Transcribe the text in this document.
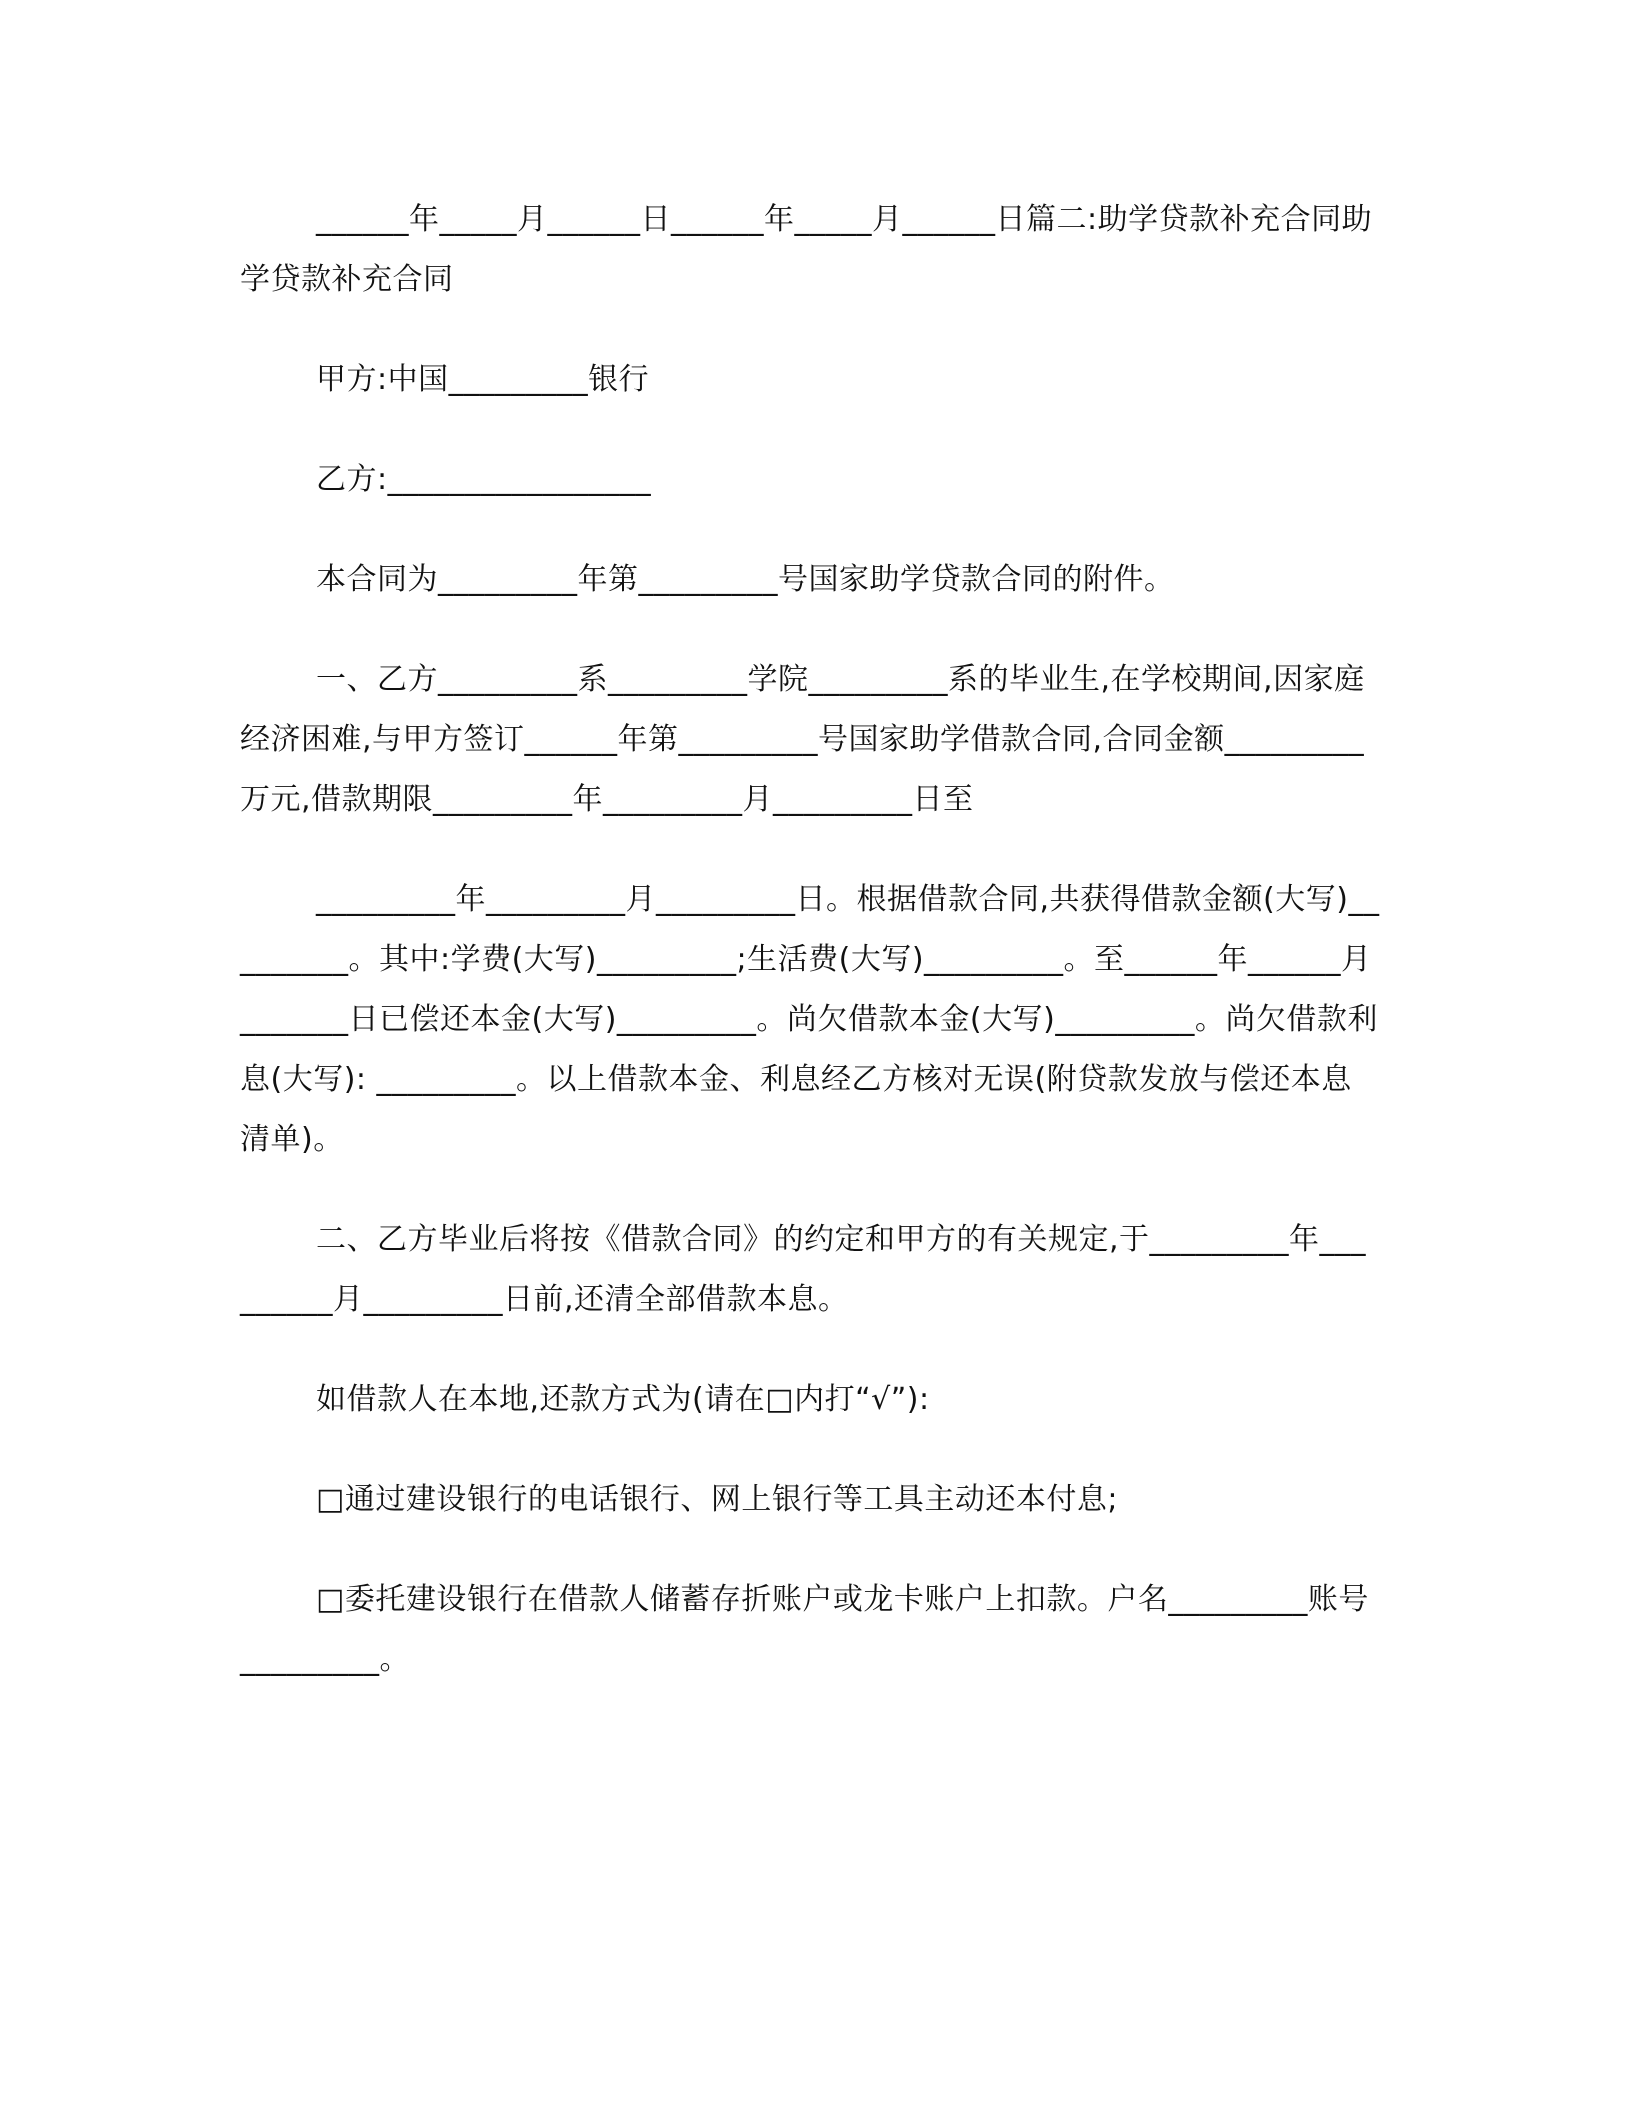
______年_____月______日______年_____月______日篇二:助学贷款补充合同助学贷款补充合同

甲方:中国_________银行

乙方:_________________

本合同为_________年第_________号国家助学贷款合同的附件。

一、乙方_________系_________学院_________系的毕业生,在学校期间,因家庭经济困难,与甲方签订______年第_________号国家助学借款合同,合同金额_________万元,借款期限_________年_________月_________日至

_________年_________月_________日。根据借款合同,共获得借款金额(大写)_________。其中:学费(大写)_________;生活费(大写)_________。至______年______月_______日已偿还本金(大写)_________。尚欠借款本金(大写)_________。尚欠借款利息(大写): _________。以上借款本金、利息经乙方核对无误(附贷款发放与偿还本息清单)。

二、乙方毕业后将按《借款合同》的约定和甲方的有关规定,于_________年_________月_________日前,还清全部借款本息。

如借款人在本地,还款方式为(请在□内打“√”):

□通过建设银行的电话银行、网上银行等工具主动还本付息;

□委托建设银行在借款人储蓄存折账户或龙卡账户上扣款。户名_________账号_________。
